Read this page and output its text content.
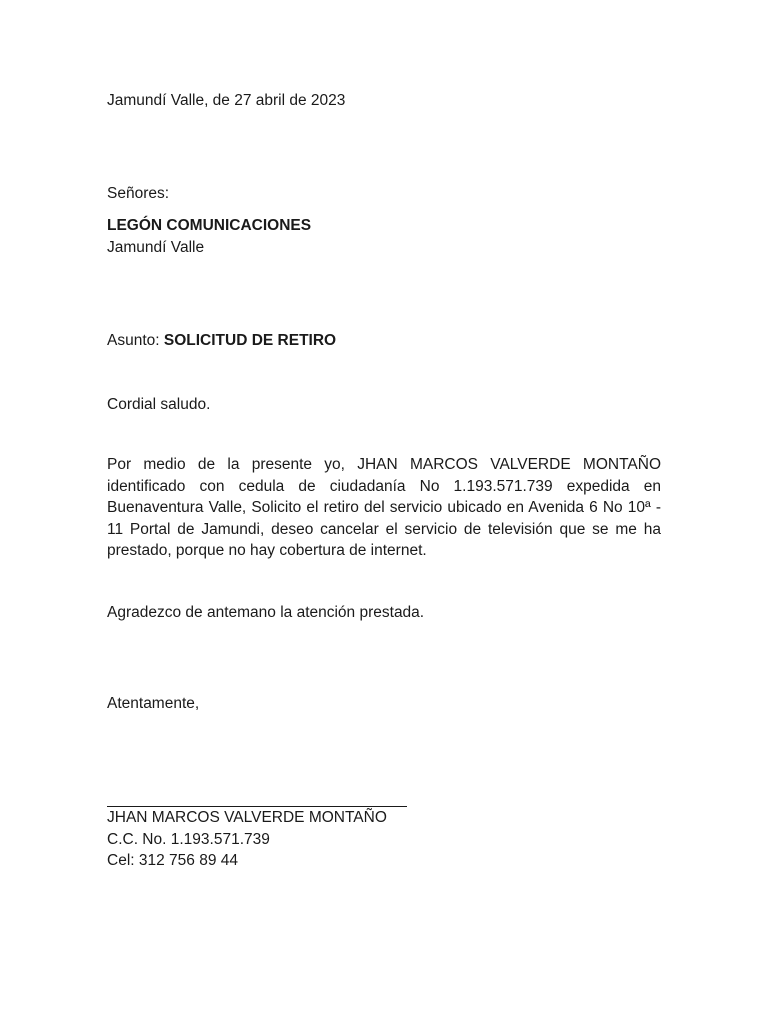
Jamundí Valle, de 27 abril de 2023
Señores:
LEGÓN COMUNICACIONES
Jamundí Valle
Asunto: SOLICITUD DE RETIRO
Cordial saludo.
Por medio de la presente yo, JHAN MARCOS VALVERDE MONTAÑO identificado con cedula de ciudadanía No 1.193.571.739 expedida en Buenaventura Valle, Solicito el retiro del servicio ubicado en Avenida 6 No 10ª - 11 Portal de Jamundi, deseo cancelar el servicio de televisión que se me ha prestado, porque no hay cobertura de internet.
Agradezco de antemano la atención prestada.
Atentamente,
JHAN MARCOS VALVERDE MONTAÑO
C.C. No. 1.193.571.739
Cel: 312 756 89 44
